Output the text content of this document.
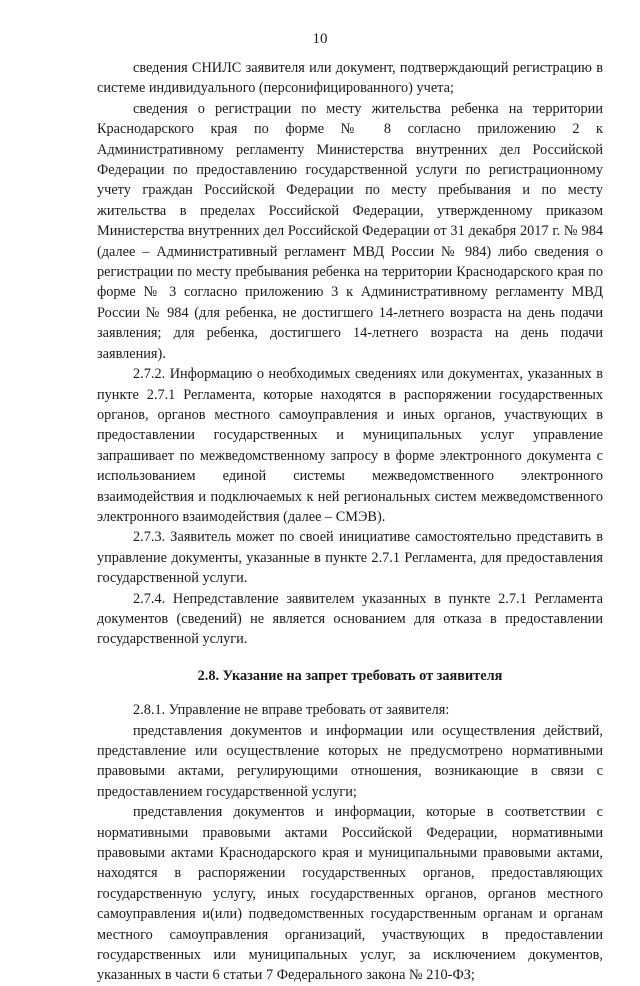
10

сведения СНИЛС заявителя или документ, подтверждающий регистрацию в системе индивидуального (персонифицированного) учета;

сведения о регистрации по месту жительства ребенка на территории Краснодарского края по форме № 8 согласно приложению 2 к Административному регламенту Министерства внутренних дел Российской Федерации по предоставлению государственной услуги по регистрационному учету граждан Российской Федерации по месту пребывания и по месту жительства в пределах Российской Федерации, утвержденному приказом Министерства внутренних дел Российской Федерации от 31 декабря 2017 г. № 984 (далее – Административный регламент МВД России № 984) либо сведения о регистрации по месту пребывания ребенка на территории Краснодарского края по форме № 3 согласно приложению 3 к Административному регламенту МВД России № 984 (для ребенка, не достигшего 14-летнего возраста на день подачи заявления; для ребенка, достигшего 14-летнего возраста на день подачи заявления).

2.7.2. Информацию о необходимых сведениях или документах, указанных в пункте 2.7.1 Регламента, которые находятся в распоряжении государственных органов, органов местного самоуправления и иных органов, участвующих в предоставлении государственных и муниципальных услуг управление запрашивает по межведомственному запросу в форме электронного документа с использованием единой системы межведомственного электронного взаимодействия и подключаемых к ней региональных систем межведомственного электронного взаимодействия (далее – СМЭВ).

2.7.3. Заявитель может по своей инициативе самостоятельно представить в управление документы, указанные в пункте 2.7.1 Регламента, для предоставления государственной услуги.

2.7.4. Непредставление заявителем указанных в пункте 2.7.1 Регламента документов (сведений) не является основанием для отказа в предоставлении государственной услуги.

2.8. Указание на запрет требовать от заявителя

2.8.1. Управление не вправе требовать от заявителя:

представления документов и информации или осуществления действий, представление или осуществление которых не предусмотрено нормативными правовыми актами, регулирующими отношения, возникающие в связи с предоставлением государственной услуги;

представления документов и информации, которые в соответствии с нормативными правовыми актами Российской Федерации, нормативными правовыми актами Краснодарского края и муниципальными правовыми актами, находятся в распоряжении государственных органов, предоставляющих государственную услугу, иных государственных органов, органов местного самоуправления и(или) подведомственных государственным органам и органам местного самоуправления организаций, участвующих в предоставлении государственных или муниципальных услуг, за исключением документов, указанных в части 6 статьи 7 Федерального закона № 210-ФЗ;
